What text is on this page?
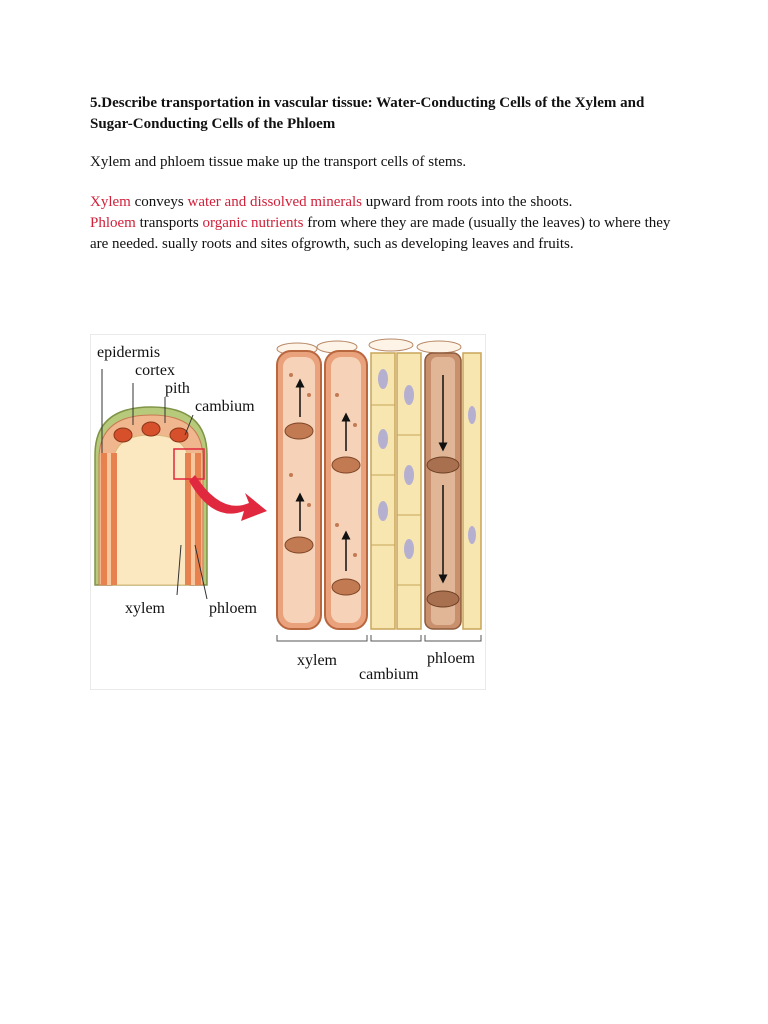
5.Describe transportation in vascular tissue: Water-Conducting Cells of the Xylem and Sugar-Conducting Cells of the Phloem

Xylem and phloem tissue make up the transport cells of stems.

Xylem conveys water and dissolved minerals upward from roots into the shoots.
Phloem transports organic nutrients from where they are made (usually the leaves) to where they are needed. sually roots and sites ofgrowth, such as developing leaves and fruits.

epidermis
cortex
pith
cambium
xylem	phloem
xylem
cambium
phloem
